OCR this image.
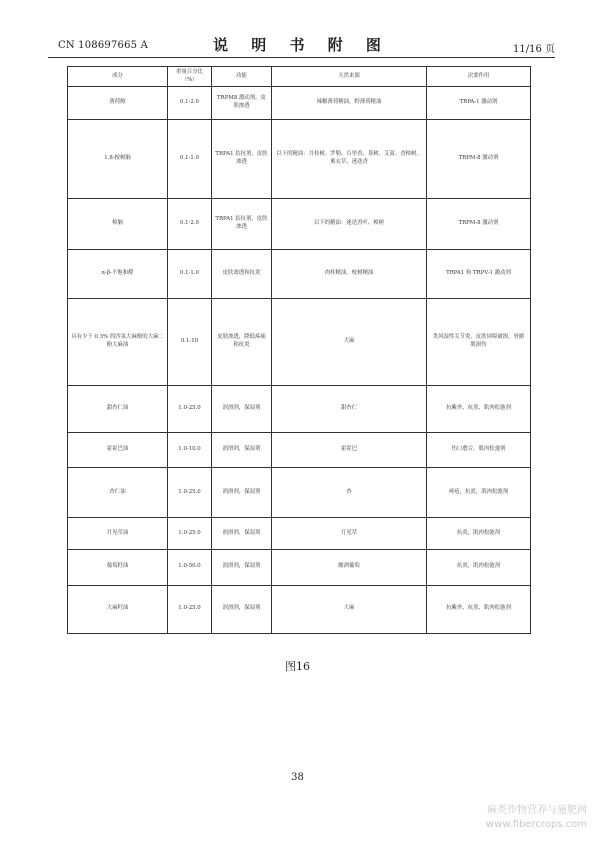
CN 108697665 A	说 明 书 附 图	11/16 页
成分	重量百分比（%）	功能	天然来源	次要作用
薄荷醇	0.1-2.0	TRPM8 激动剂，皮肤渗透	辣椒薄荷精油，野薄荷精油	TRPA-1 激动剂
1,8-桉树脑	0.1-1.0	TRPA1 拮抗剂，皮肤渗透	以下的精油：月桂树、罗勒、百里香、茶树、艾蒿、香樟树、薰衣草、迷迭香	TRPM-8 激动剂
樟脑	0.1-2.0	TRPA1 拮抗剂，皮肤渗透	以下的精油：迷迭香叶、樟树	TRPM-8 激动剂
α-β-不饱和醛	0.1-1.0	皮肤渗透和抗炎	肉桂精油，桉树精油	TRPA1 和 TRPV-1 激动剂
具有少于 0.3% 的四氢大麻酚的大麻二酚大麻油	0.1-10	皮肤渗透，降低疼痛和抗炎	大麻	类风湿性关节炎，皮肤屏障破损，骨骼肌损伤
甜杏仁油	1.0-25.0	润滑剂，保湿剂	甜杏仁	抗紫外、抗炎、肌肉松弛剂
霍霍巴油	1.0-10.0	润滑剂，保湿剂	霍霍巴	伤口愈合，肌肉松弛剂
杏仁油	1.0-25.0	润滑剂，保湿剂	杏	痤疮，抗炎，肌肉松弛剂
月见草油	1.0-25.0	润滑剂，保湿剂	月见草	抗炎，肌肉松弛剂
葡萄籽油	1.0-50.0	润滑剂，保湿剂	酿酒葡萄	抗炎，肌肉松弛剂
大麻籽油	1.0-25.0	润滑剂，保湿剂	大麻	抗紫外、抗炎、肌肉松弛剂
图16
38
麻类作物营养与施肥网
www.fibercrops.com
